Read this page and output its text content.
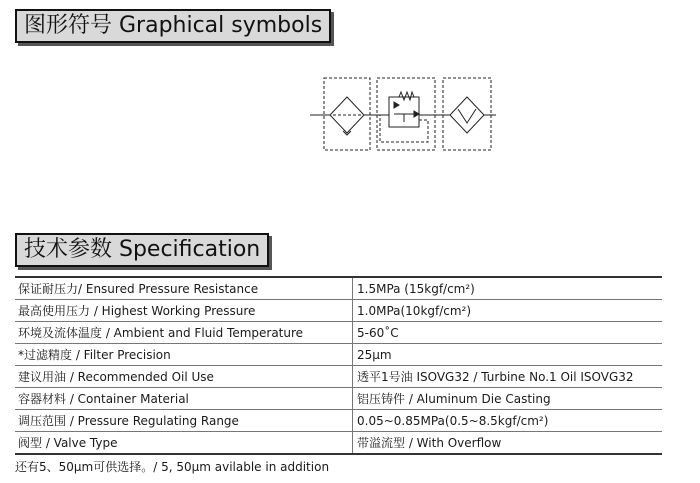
图形符号 Graphical symbols
技术参数 Specification
保证耐压力/ Ensured Pressure Resistance	1.5MPa (15kgf/cm²)
最高使用压力 / Highest Working Pressure	1.0MPa(10kgf/cm²)
环境及流体温度 / Ambient and Fluid Temperature	5-60˚C
*过滤精度 / Filter Precision	25μm
建议用油 / Recommended Oil Use	透平1号油 ISOVG32 / Turbine No.1 Oil ISOVG32
容器材料 / Container Material	铝压铸件 / Aluminum Die Casting
调压范围 / Pressure Regulating Range	0.05~0.85MPa(0.5~8.5kgf/cm²)
阀型 / Valve Type	带溢流型 / With Overflow
还有5、50μm可供选择。/ 5, 50μm avilable in addition
